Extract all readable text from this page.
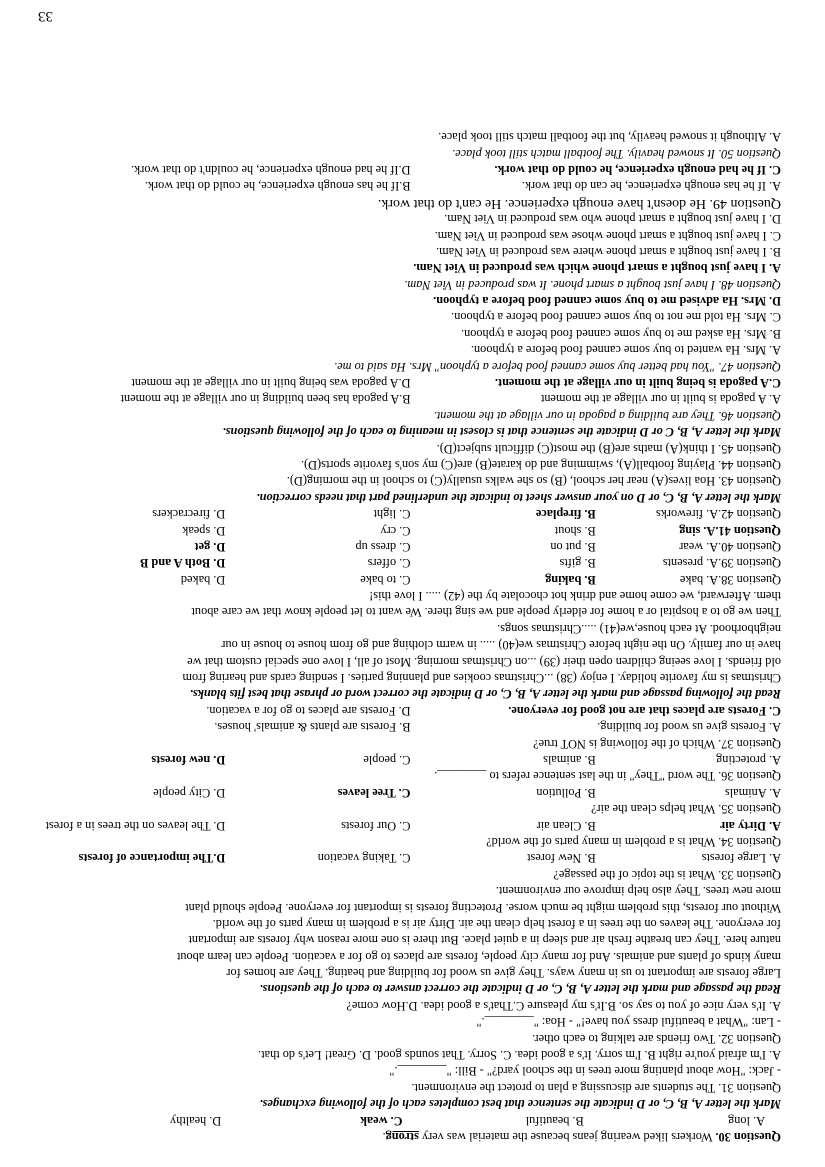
Question 30. Workers liked wearing jeans because the material was very strong.
A. long
B. beautiful
C. weak
D. healthy
Mark the letter A, B, C, or D indicate the sentence that best completes each of the following exchanges.
Question 31. The students are discussing a plan to protect the environment.
- Jack: "How about planting more trees in the school yard?" - Bill: "________."
A. I'm afraid you're right B. I'm sorry. It's a good idea. C. Sorry. That sounds good. D. Great! Let's do that.
Question 32. Two friends are talking to each other.
- Lan: "What a beautiful dress you have!" - Hoa: "________."
A. It's very nice of you to say so. B.It's my pleasure C.That's a good idea. D.How come?
Read the passage and mark the letter A, B, C, or D indicate the correct answer to each of the questions.
Large forests are important to us in many ways. They give us wood for building and heating. They are homes for
many kinds of plants and animals. And for many city people, forests are places to go for a vacation. People can learn about
nature here. They can breathe fresh air and sleep in a quiet place. But there is one more reason why forests are important
for everyone. The leaves on the trees in a forest help clean the air. Dirty air is a problem in many parts of the world.
Without our forests, this problem might be much worse. Protecting forests is important for everyone. People should plant
more new trees. They also help improve our environment.
Question 33. What is the topic of the passage?
A. Large forests
B. New forest
C. Taking vacation
D.The importance of forests
Question 34. What is a problem in many parts of the world?
A. Dirty air
B. Clean air
C. Our forests
D. The leaves on the trees in a forest
Question 35. What helps clean the air?
A. Animals
B. Pollution
C. Tree leaves
D. City people
Question 36. The word "They" in the last sentence refers to ________.
A. protecting
B. animals
C. people
D. new forests
Question 37. Which of the following is NOT true?
A. Forests give us wood for building.
B. Forests are plants & animals' houses.
C. Forests are places that are not good for everyone.
D. Forests are places to go for a vacation.
Read the following passage and mark the letter A, B, C, or D indicate the correct word or phrase that best fits blanks.
Christmas is my favorite holiday. I enjoy (38) ...Christmas cookies and planning parties. I sending cards and hearing from
old friends. I love seeing children open their (39) ...on Christmas morning. Most of all, I love one special custom that we
have in our family. On the night before Christmas we(40) ..... in warm clothing and go from house to house in our
neighborhood. At each house,we(41) .....Christmas songs.
Then we go to a hospital or a home for elderly people and we sing there. We want to let people know that we care about
them. Afterward, we come home and drink hot chocolate by the (42) ..... I love this!
Question 38.A. bake
B. baking
C. to bake
D. baked
Question 39.A. presents
B. gifts
C. offers
D. Both A and B
Question 40.A. wear
B. put on
C. dress up
D. get
Question 41.A. sing
B. shout
C. cry
D. speak
Question 42.A. fireworks
B. fireplace
C. light
D. firecrackers
Mark the letter A, B, C, or D on your answer sheet to indicate the underlined part that needs correction.
Question 43. Hoa lives(A) near her school, (B) so she walks usually(C) to school in the morning(D).
Question 44. Playing football(A), swimming and do karate(B) are(C) my son's favorite sports(D).
Question 45. I think(A) maths are(B) the most(C) difficult subject(D).
Mark the letter A, B, C or D indicate the sentence that is closest in meaning to each of the following questions.
Question 46. They are building a pagoda in our village at the moment.
A. A pagoda is built in our village at the moment
B.A pagoda has been building in our village at the moment
C.A pagoda is being built in our village at the moment.
D.A pagoda was being built in our village at the moment
Question 47. "You had better buy some canned food before a typhoon" Mrs. Ha said to me.
A. Mrs. Ha wanted to buy some canned food before a typhoon.
B. Mrs. Ha asked me to buy some canned food before a typhoon.
C. Mrs. Ha told me not to buy some canned food before a typhoon.
D. Mrs. Ha advised me to buy some canned food before a typhoon.
Question 48. I have just bought a smart phone. It was produced in Viet Nam.
A. I have just bought a smart phone which was produced in Viet Nam.
B. I have just bought a smart phone where was produced in Viet Nam.
C. I have just bought a smart phone whose was produced in Viet Nam.
D. I have just bought a smart phone who was produced in Viet Nam.
Question 49. He doesn't have enough experience. He can't do that work.
A. If he has enough experience, he can do that work.
B.If he has enough experience, he could do that work.
C. If he had enough experience, he could do that work.
D.If he had enough experience, he couldn't do that work.
Question 50. It snowed heavily. The football match still took place.
A. Although it snowed heavily, but the football match still took place.
33
